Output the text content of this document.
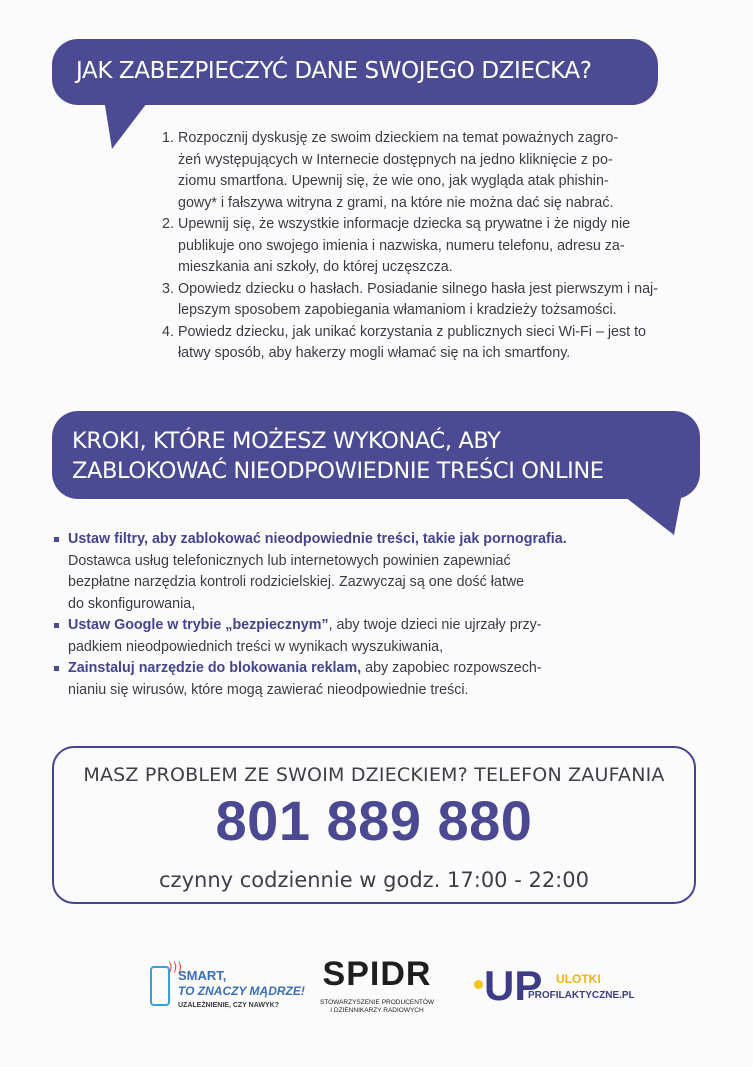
JAK ZABEZPIECZYĆ DANE SWOJEGO DZIECKA?
1. Rozpocznij dyskusję ze swoim dzieckiem na temat poważnych zagro-
żeń występujących w Internecie dostępnych na jedno kliknięcie z po-
ziomu smartfona. Upewnij się, że wie ono, jak wygląda atak phishin-
gowy* i fałszywa witryna z grami, na które nie można dać się nabrać.
2. Upewnij się, że wszystkie informacje dziecka są prywatne i że nigdy nie
publikuje ono swojego imienia i nazwiska, numeru telefonu, adresu za-
mieszkania ani szkoły, do której uczęszcza.
3. Opowiedz dziecku o hasłach. Posiadanie silnego hasła jest pierwszym i naj-
lepszym sposobem zapobiegania włamaniom i kradzieży tożsamości.
4. Powiedz dziecku, jak unikać korzystania z publicznych sieci Wi-Fi – jest to
łatwy sposób, aby hakerzy mogli włamać się na ich smartfony.
KROKI, KTÓRE MOŻESZ WYKONAĆ, ABY
ZABLOKOWAĆ NIEODPOWIEDNIE TREŚCI ONLINE
Ustaw filtry, aby zablokować nieodpowiednie treści, takie jak pornografia.
Dostawca usług telefonicznych lub internetowych powinien zapewniać
bezpłatne narzędzia kontroli rodzicielskiej. Zazwyczaj są one dość łatwe
do skonfigurowania,
Ustaw Google w trybie „bezpiecznym”, aby twoje dzieci nie ujrzały przy-
padkiem nieodpowiednich treści w wynikach wyszukiwania,
Zainstaluj narzędzie do blokowania reklam, aby zapobiec rozpowszech-
nianiu się wirusów, które mogą zawierać nieodpowiednie treści.
MASZ PROBLEM ZE SWOIM DZIECKIEM? TELEFON ZAUFANIA
801 889 880
czynny codziennie w godz. 17:00 - 22:00
)))
SMART,
TO ZNACZY MĄDRZE!
UZALEŻNIENIE, CZY NAWYK?
SPIDR
STOWARZYSZENIE PRODUCENTÓW
I DZIENNIKARZY RADIOWYCH
UP ULOTKI
PROFILAKTYCZNE.PL
